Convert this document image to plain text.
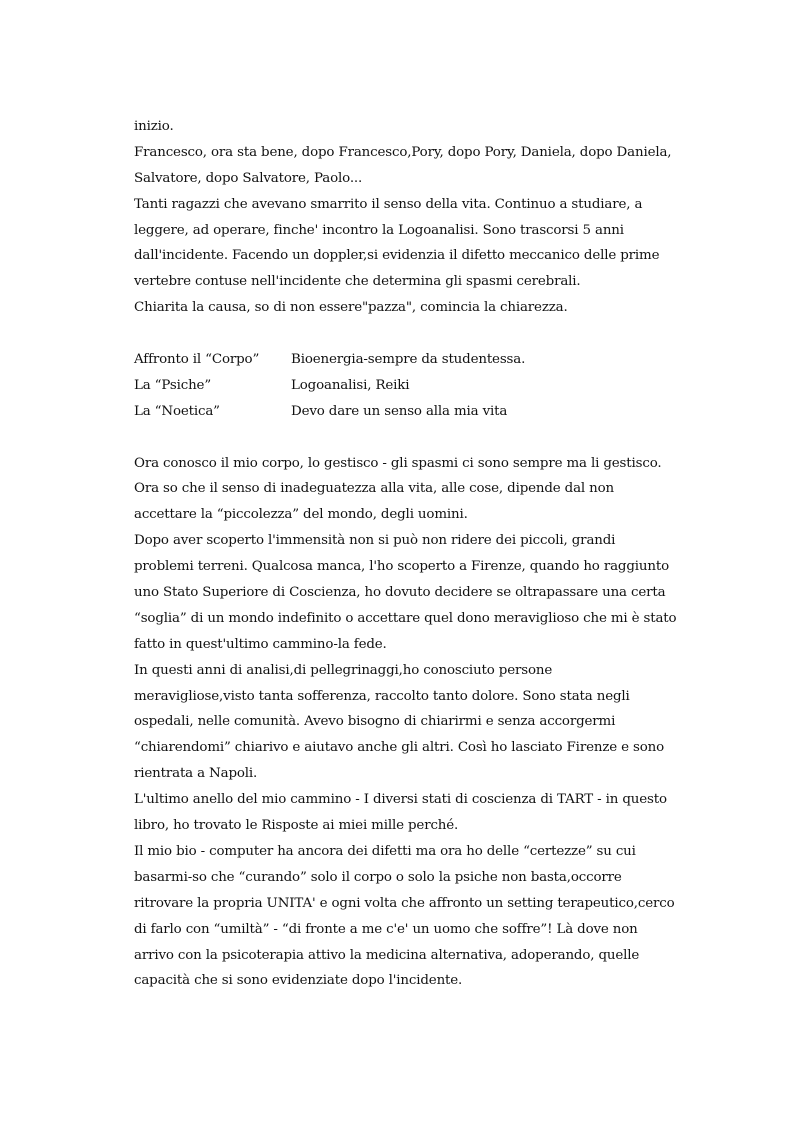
inizio.
Francesco, ora sta bene, dopo Francesco,Pory, dopo Pory, Daniela, dopo Daniela,
Salvatore, dopo Salvatore, Paolo...
Tanti ragazzi che avevano smarrito il senso della vita. Continuo a studiare, a
leggere, ad operare, finche' incontro la Logoanalisi. Sono trascorsi 5 anni
dall'incidente. Facendo un doppler,si evidenzia il difetto meccanico delle prime
vertebre contuse nell'incidente che determina gli spasmi cerebrali.
Chiarita la causa, so di non essere"pazza", comincia la chiarezza.
Affronto il “Corpo” Bioenergia-sempre da studentessa.
La “Psiche”	Logoanalisi, Reiki
La “Noetica”	Devo dare un senso alla mia vita
Ora conosco il mio corpo, lo gestisco - gli spasmi ci sono sempre ma li gestisco.
Ora so che il senso di inadeguatezza alla vita, alle cose, dipende dal non
accettare la “piccolezza” del mondo, degli uomini.
Dopo aver scoperto l'immensità non si può non ridere dei piccoli, grandi
problemi terreni. Qualcosa manca, l'ho scoperto a Firenze, quando ho raggiunto
uno Stato Superiore di Coscienza, ho dovuto decidere se oltrapassare una certa
“soglia” di un mondo indefinito o accettare quel dono meraviglioso che mi è stato
fatto in quest'ultimo cammino-la fede.
In questi anni di analisi,di pellegrinaggi,ho conosciuto persone
meravigliose,visto tanta sofferenza, raccolto tanto dolore. Sono stata negli
ospedali, nelle comunità. Avevo bisogno di chiarirmi e senza accorgermi
“chiarendomi” chiarivo e aiutavo anche gli altri. Così ho lasciato Firenze e sono
rientrata a Napoli.
L'ultimo anello del mio cammino - I diversi stati di coscienza di TART - in questo
libro, ho trovato le Risposte ai miei mille perché.
Il mio bio - computer ha ancora dei difetti ma ora ho delle “certezze” su cui
basarmi-so che “curando” solo il corpo o solo la psiche non basta,occorre
ritrovare la propria UNITA' e ogni volta che affronto un setting terapeutico,cerco
di farlo con “umiltà” - “di fronte a me c'e' un uomo che soffre”! Là dove non
arrivo con la psicoterapia attivo la medicina alternativa, adoperando, quelle
capacità che si sono evidenziate dopo l'incidente.
